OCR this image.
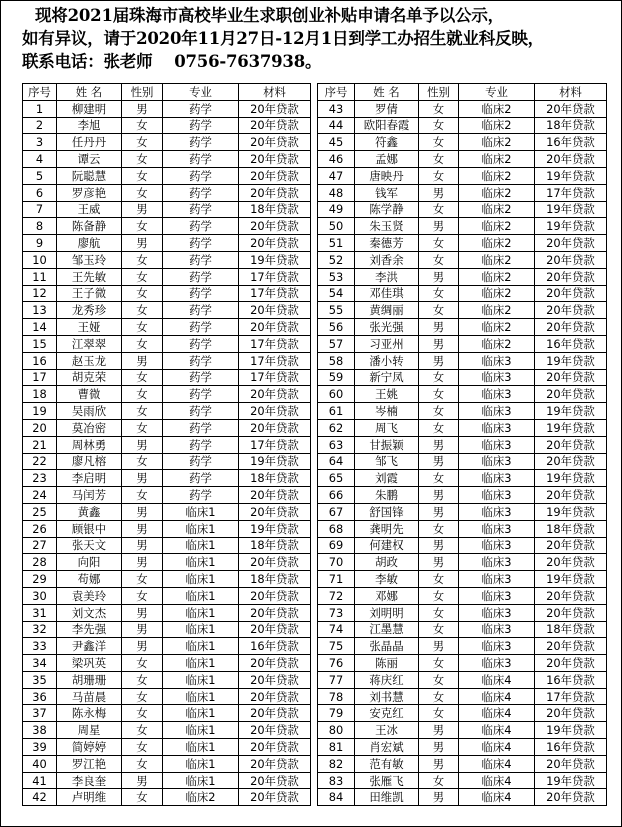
现将2021届珠海市高校毕业生求职创业补贴申请名单予以公示，
如有异议，请于2020年11月27日-12月1日到学工办招生就业科反映，
联系电话：张老师　 0756-7637938。
序号	姓 名	性别	专业	材料
1	柳建明	男	药学	20年贷款
2	李旭	女	药学	20年贷款
3	任丹丹	女	药学	20年贷款
4	谭云	女	药学	20年贷款
5	阮聪慧	女	药学	20年贷款
6	罗彦艳	女	药学	20年贷款
7	王威	男	药学	18年贷款
8	陈备静	女	药学	20年贷款
9	廖航	男	药学	20年贷款
10	邹玉玲	女	药学	19年贷款
11	王先敏	女	药学	17年贷款
12	王子微	女	药学	17年贷款
13	龙秀珍	女	药学	20年贷款
14	王娅	女	药学	20年贷款
15	江翠翠	女	药学	17年贷款
16	赵玉龙	男	药学	17年贷款
17	胡克荣	女	药学	17年贷款
18	曹微	女	药学	20年贷款
19	吴雨欣	女	药学	20年贷款
20	莫冶密	女	药学	20年贷款
21	周林勇	男	药学	17年贷款
22	廖凡榕	女	药学	19年贷款
23	李启明	男	药学	18年贷款
24	马闰芳	女	药学	20年贷款
25	黄鑫	男	临床1	20年贷款
26	顾银中	男	临床1	19年贷款
27	张天文	男	临床1	18年贷款
28	向阳	男	临床1	20年贷款
29	苟娜	女	临床1	18年贷款
30	袁美玲	女	临床1	20年贷款
31	刘文杰	男	临床1	20年贷款
32	李先强	男	临床1	20年贷款
33	尹鑫洋	男	临床1	16年贷款
34	梁巩英	女	临床1	20年贷款
35	胡珊珊	女	临床1	20年贷款
36	马苗晨	女	临床1	20年贷款
37	陈永梅	女	临床1	20年贷款
38	周星	女	临床1	20年贷款
39	简婷婷	女	临床1	20年贷款
40	罗江艳	女	临床1	20年贷款
41	李良奎	男	临床1	20年贷款
42	卢明维	女	临床2	20年贷款
序号	姓 名	性别	专业	材料
43	罗倩	女	临床2	20年贷款
44	欧阳春霞	女	临床2	18年贷款
45	符鑫	女	临床2	16年贷款
46	孟娜	女	临床2	20年贷款
47	唐映丹	女	临床2	19年贷款
48	钱军	男	临床2	17年贷款
49	陈学静	女	临床2	19年贷款
50	朱玉贤	男	临床2	19年贷款
51	秦德芳	女	临床2	20年贷款
52	刘香余	女	临床2	20年贷款
53	李洪	男	临床2	20年贷款
54	邓佳琪	女	临床2	20年贷款
55	黄绸丽	女	临床2	20年贷款
56	张光强	男	临床2	20年贷款
57	习亚州	男	临床2	16年贷款
58	潘小转	男	临床3	19年贷款
59	新宁凤	女	临床3	20年贷款
60	王姚	女	临床3	20年贷款
61	岑楠	女	临床3	19年贷款
62	周飞	女	临床3	19年贷款
63	甘振颖	男	临床3	20年贷款
64	邹飞	男	临床3	20年贷款
65	刘霞	女	临床3	19年贷款
66	朱鹏	男	临床3	20年贷款
67	舒国锋	男	临床3	19年贷款
68	龚明先	女	临床3	18年贷款
69	何建权	男	临床3	20年贷款
70	胡政	男	临床3	20年贷款
71	李敏	女	临床3	19年贷款
72	邓娜	女	临床3	20年贷款
73	刘明明	女	临床3	20年贷款
74	江墨慧	女	临床3	18年贷款
75	张晶晶	男	临床3	20年贷款
76	陈丽	女	临床3	20年贷款
77	蒋庆红	女	临床4	16年贷款
78	刘书慧	女	临床4	17年贷款
79	安克红	女	临床4	20年贷款
80	王冰	男	临床4	19年贷款
81	肖宏斌	男	临床4	16年贷款
82	范有敏	男	临床4	20年贷款
83	张雁飞	女	临床4	19年贷款
84	田维凯	男	临床4	20年贷款
